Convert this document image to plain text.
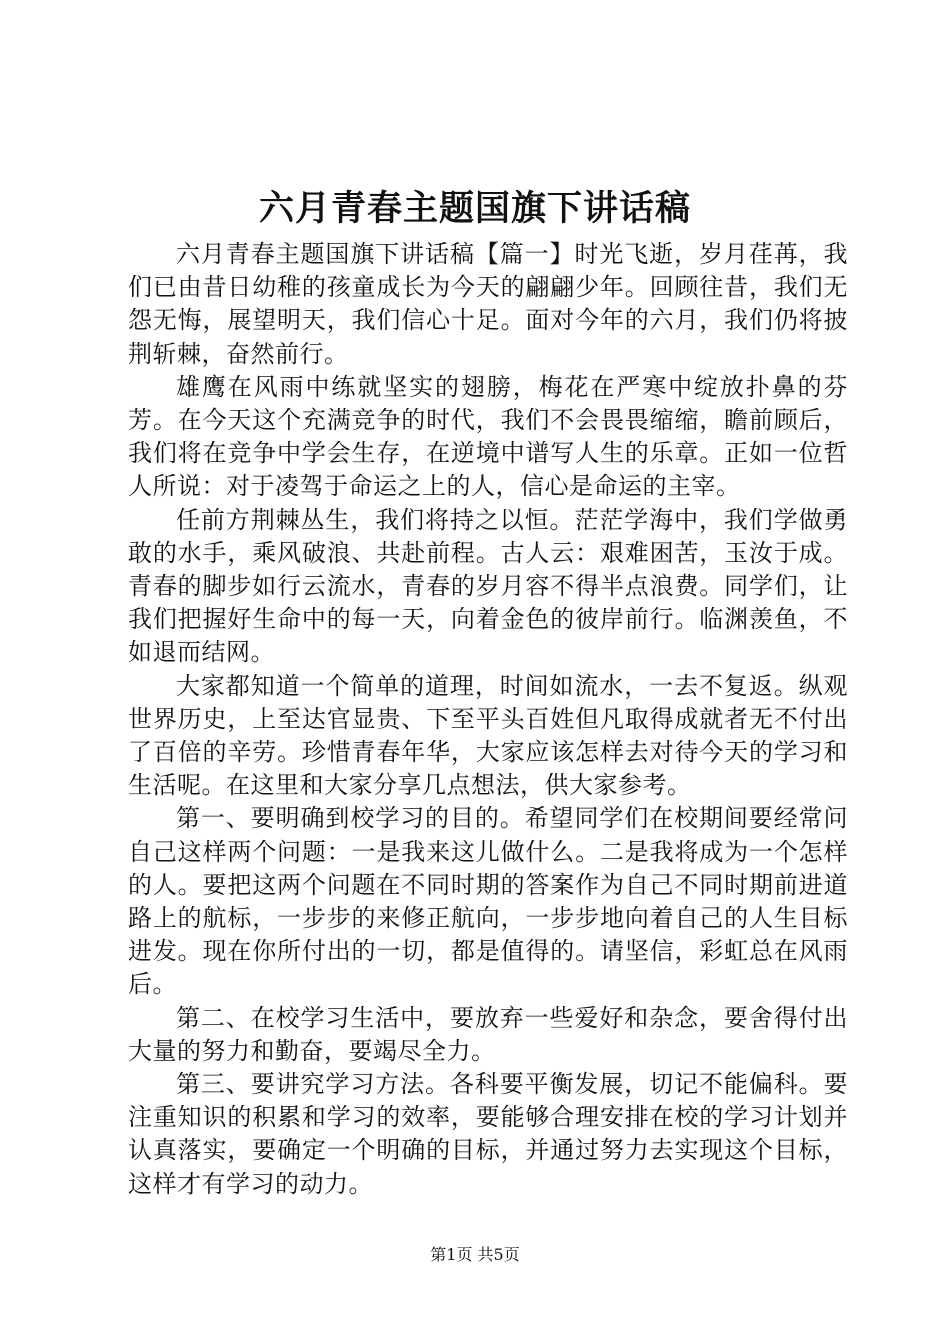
六月青春主题国旗下讲话稿

六月青春主题国旗下讲话稿【篇一】时光飞逝，岁月荏苒，我们已由昔日幼稚的孩童成长为今天的翩翩少年。回顾往昔，我们无怨无悔，展望明天，我们信心十足。面对今年的六月，我们仍将披荆斩棘，奋然前行。

雄鹰在风雨中练就坚实的翅膀，梅花在严寒中绽放扑鼻的芬芳。在今天这个充满竞争的时代，我们不会畏畏缩缩，瞻前顾后，我们将在竞争中学会生存，在逆境中谱写人生的乐章。正如一位哲人所说：对于凌驾于命运之上的人，信心是命运的主宰。

任前方荆棘丛生，我们将持之以恒。茫茫学海中，我们学做勇敢的水手，乘风破浪、共赴前程。古人云：艰难困苦，玉汝于成。青春的脚步如行云流水，青春的岁月容不得半点浪费。同学们，让我们把握好生命中的每一天，向着金色的彼岸前行。临渊羡鱼，不如退而结网。

大家都知道一个简单的道理，时间如流水，一去不复返。纵观世界历史，上至达官显贵、下至平头百姓但凡取得成就者无不付出了百倍的辛劳。珍惜青春年华，大家应该怎样去对待今天的学习和生活呢。在这里和大家分享几点想法，供大家参考。

第一、要明确到校学习的目的。希望同学们在校期间要经常问自己这样两个问题：一是我来这儿做什么。二是我将成为一个怎样的人。要把这两个问题在不同时期的答案作为自己不同时期前进道路上的航标，一步步的来修正航向，一步步地向着自己的人生目标进发。现在你所付出的一切，都是值得的。请坚信，彩虹总在风雨后。

第二、在校学习生活中，要放弃一些爱好和杂念，要舍得付出大量的努力和勤奋，要竭尽全力。

第三、要讲究学习方法。各科要平衡发展，切记不能偏科。要注重知识的积累和学习的效率，要能够合理安排在校的学习计划并认真落实，要确定一个明确的目标，并通过努力去实现这个目标，这样才有学习的动力。

第1页 共5页
